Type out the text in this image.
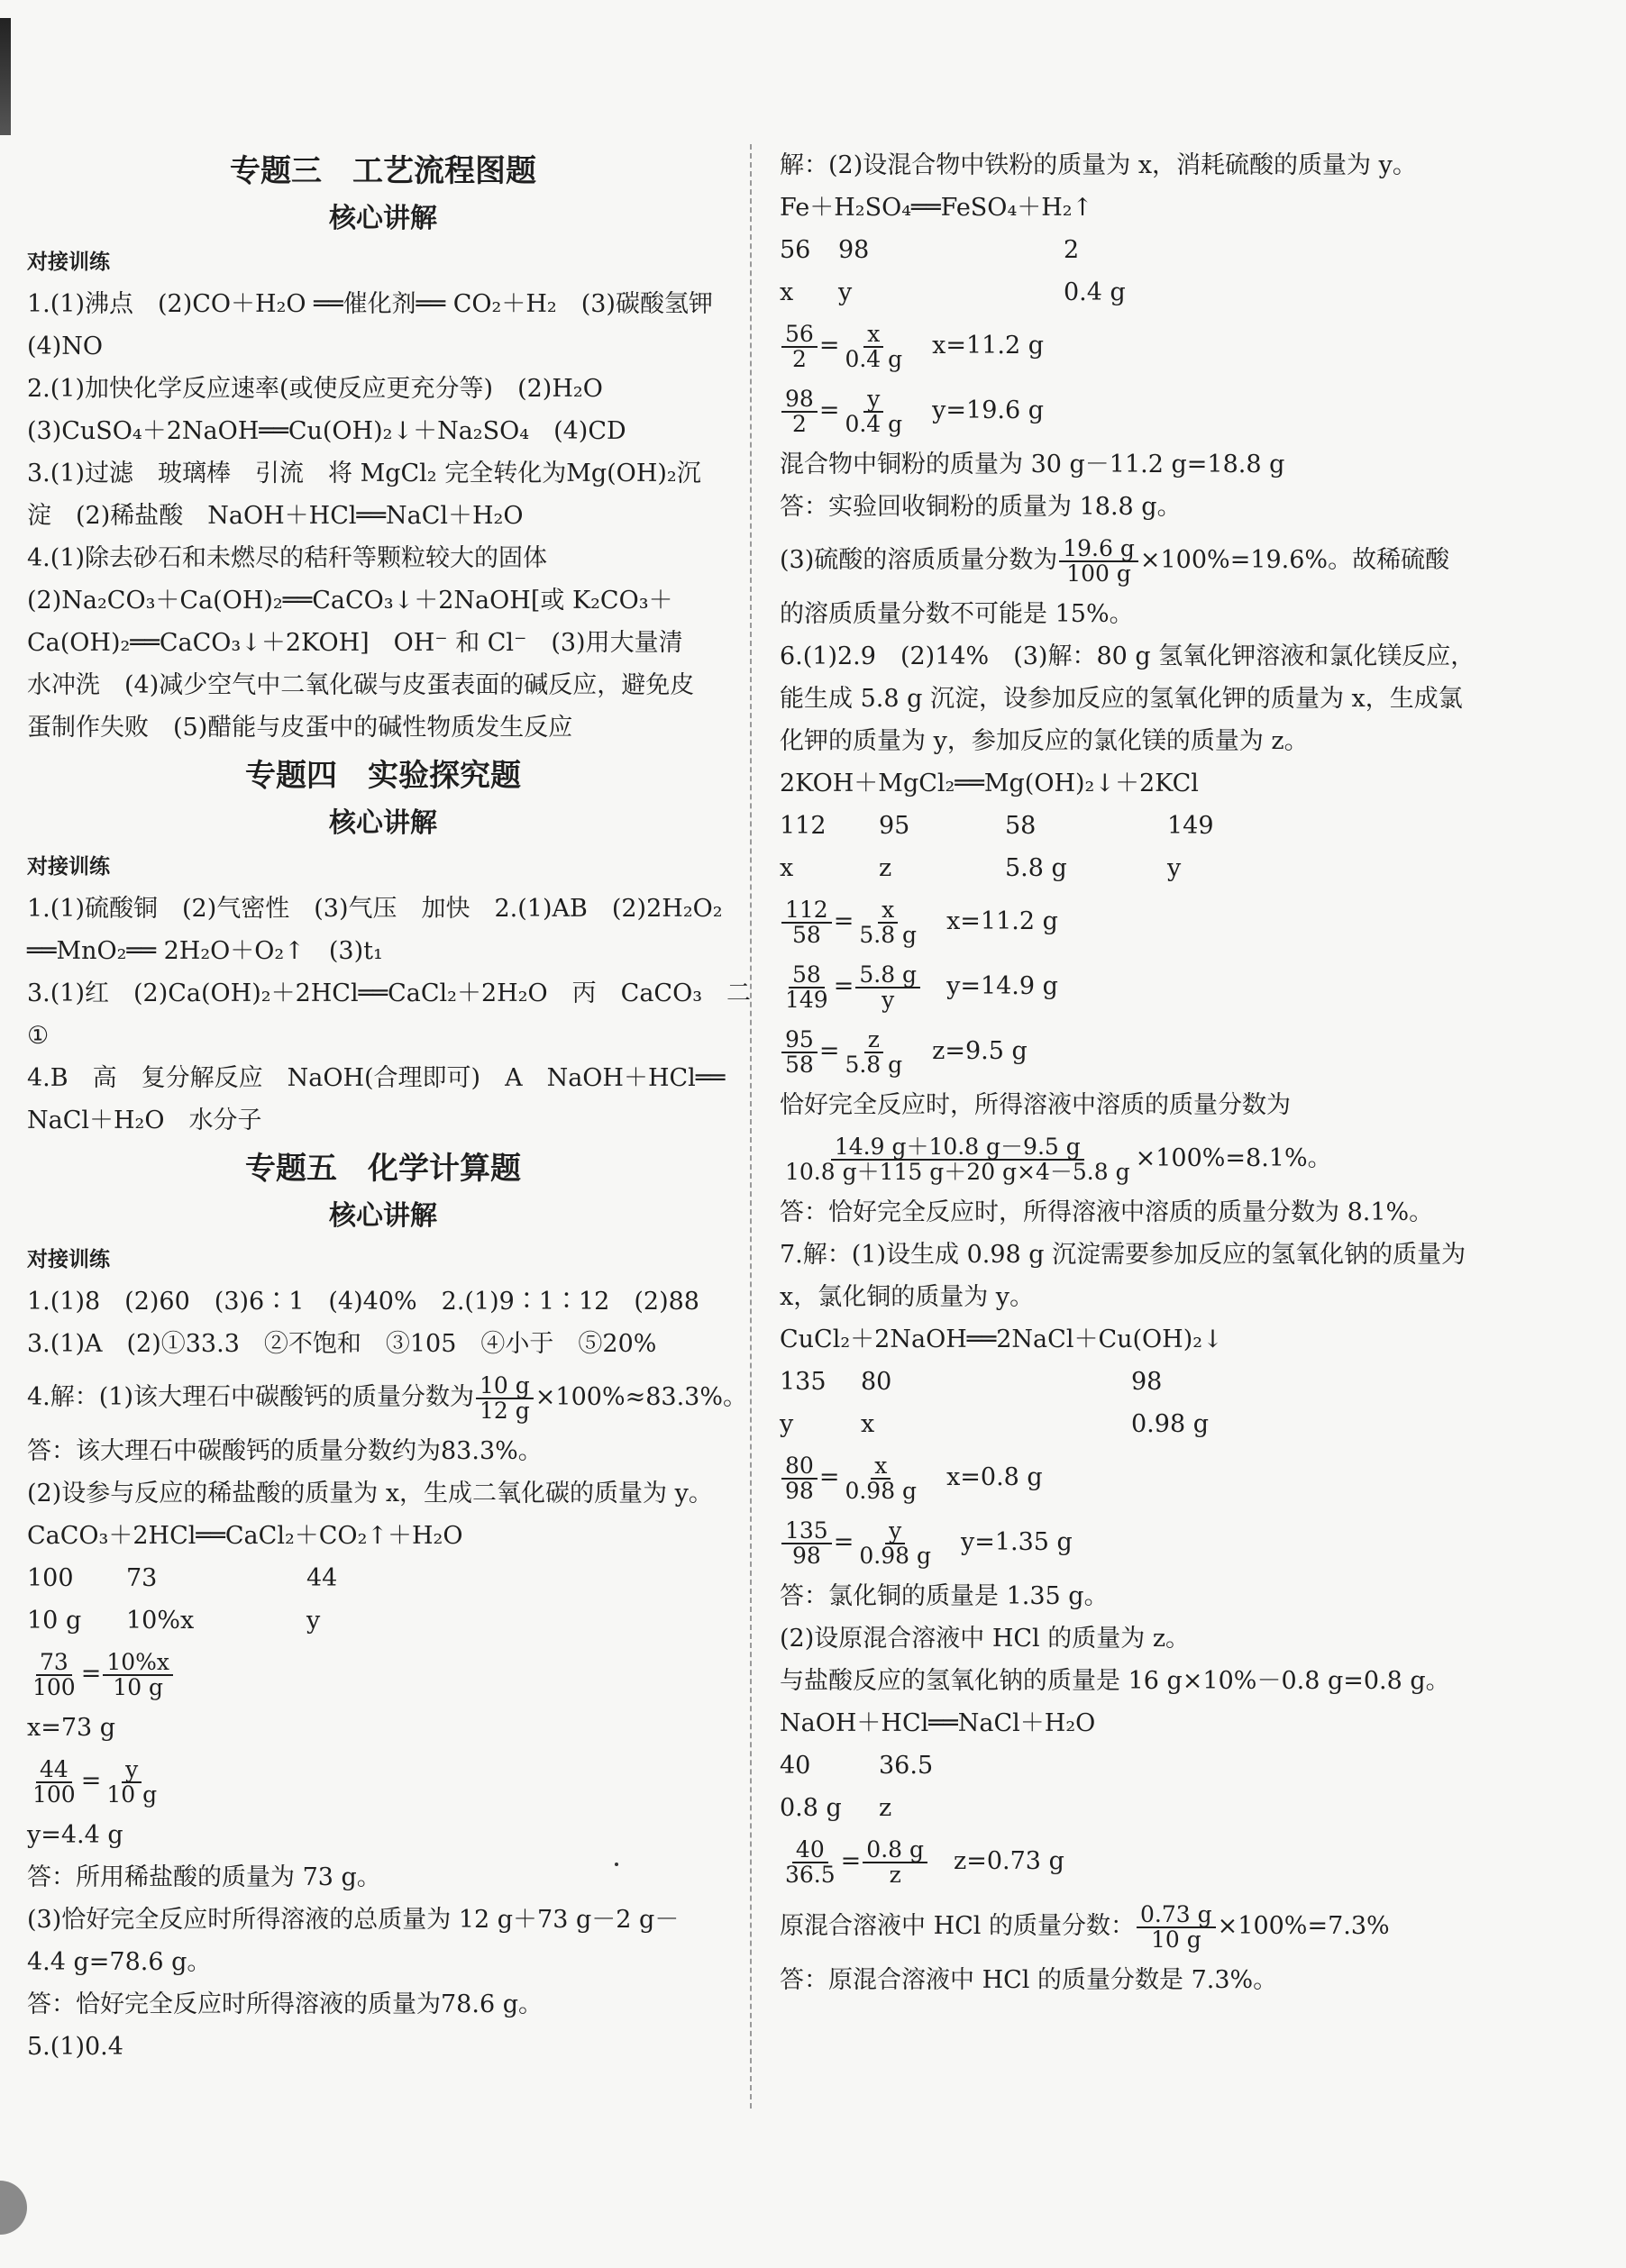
专题三　工艺流程图题
核心讲解
对接训练
1.(1)沸点　(2)CO＋H₂O ══催化剂══ CO₂＋H₂　(3)碳酸氢钾
(4)NO
2.(1)加快化学反应速率(或使反应更充分等)　(2)H₂O
(3)CuSO₄＋2NaOH══Cu(OH)₂↓＋Na₂SO₄　(4)CD
3.(1)过滤　玻璃棒　引流　将 MgCl₂ 完全转化为Mg(OH)₂沉
淀　(2)稀盐酸　NaOH＋HCl══NaCl＋H₂O
4.(1)除去砂石和未燃尽的秸秆等颗粒较大的固体
(2)Na₂CO₃＋Ca(OH)₂══CaCO₃↓＋2NaOH[或 K₂CO₃＋
Ca(OH)₂══CaCO₃↓＋2KOH]　OH⁻ 和 Cl⁻　(3)用大量清
水冲洗　(4)减少空气中二氧化碳与皮蛋表面的碱反应，避免皮
蛋制作失败　(5)醋能与皮蛋中的碱性物质发生反应
专题四　实验探究题
核心讲解
对接训练
1.(1)硫酸铜　(2)气密性　(3)气压　加快　2.(1)AB　(2)2H₂O₂
══MnO₂══ 2H₂O＋O₂↑　(3)t₁
3.(1)红　(2)Ca(OH)₂＋2HCl══CaCl₂＋2H₂O　丙　CaCO₃　二
①
4.B　高　复分解反应　NaOH(合理即可)　A　NaOH＋HCl══
NaCl＋H₂O　水分子
专题五　化学计算题
核心讲解
对接训练
1.(1)8　(2)60　(3)6∶1　(4)40%　2.(1)9∶1∶12　(2)88
3.(1)A　(2)①33.3　②不饱和　③105　④小于　⑤20%
4.解：(1)该大理石中碳酸钙的质量分数为 $\frac{10 g}{12 g} \times 100\%\approx 83.3\%$。
答：该大理石中碳酸钙的质量分数约为83.3%。
(2)设参与反应的稀盐酸的质量为 x，生成二氧化碳的质量为 y。
CaCO₃＋2HCl══CaCl₂＋CO₂↑＋H₂O
100	73	44
10 g	10%x	y
$\frac{73}{100} = \frac{10\%x}{10 g}$
x=73 g
$\frac{44}{100} = \frac{y}{10 g}$
y=4.4 g
答：所用稀盐酸的质量为 73 g。
(3)恰好完全反应时所得溶液的总质量为 12 g＋73 g－2 g－
4.4 g=78.6 g。
答：恰好完全反应时所得溶液的质量为78.6 g。
5.(1)0.4
解：(2)设混合物中铁粉的质量为 x，消耗硫酸的质量为 y。
Fe＋H₂SO₄══FeSO₄＋H₂↑
56	98	2
x	y	0.4 g
$\frac{56}{2} = \frac{x}{0.4 g}$
　 x=11.2 g
$\frac{98}{2} = \frac{y}{0.4 g}$
　 y=19.6 g
混合物中铜粉的质量为 30 g－11.2 g=18.8 g
答：实验回收铜粉的质量为 18.8 g。
(3)硫酸的溶质质量分数为 $\frac{19.6 g}{100 g} \times 100\%=19.6\%$。故稀硫酸
的溶质质量分数不可能是 15%。
6.(1)2.9　(2)14%　(3)解：80 g 氢氧化钾溶液和氯化镁反应，
能生成 5.8 g 沉淀，设参加反应的氢氧化钾的质量为 x，生成氯
化钾的质量为 y，参加反应的氯化镁的质量为 z。
2KOH＋MgCl₂══Mg(OH)₂↓＋2KCl
112	95	58	149
x	z	5.8 g	y
$\frac{112}{58} = \frac{x}{5.8 g}$
　 x=11.2 g
$\frac{58}{149} = \frac{5.8 g}{y}$
　 y=14.9 g
$\frac{95}{58} = \frac{z}{5.8 g}$
　 z=9.5 g
恰好完全反应时，所得溶液中溶质的质量分数为
$\frac{14.9 g+10.8 g-9.5 g}{10.8 g+115 g+20 g\times 4-5.8 g} \times 100\%=8.1\%$。
答：恰好完全反应时，所得溶液中溶质的质量分数为 8.1%。
7.解：(1)设生成 0.98 g 沉淀需要参加反应的氢氧化钠的质量为
x，氯化铜的质量为 y。
CuCl₂＋2NaOH══2NaCl＋Cu(OH)₂↓
135	80	98
y	x	0.98 g
$\frac{80}{98} = \frac{x}{0.98 g}$
　 x=0.8 g
$\frac{135}{98} = \frac{y}{0.98 g}$
　 y=1.35 g
答：氯化铜的质量是 1.35 g。
(2)设原混合溶液中 HCl 的质量为 z。
与盐酸反应的氢氧化钠的质量是 16 g×10%－0.8 g=0.8 g。
NaOH＋HCl══NaCl＋H₂O
40	36.5
0.8 g	z
$\frac{40}{36.5} = \frac{0.8 g}{z}$
　 z=0.73 g
原混合溶液中 HCl 的质量分数： $\frac{0.73 g}{10 g} \times 100\%=7.3\%$
答：原混合溶液中 HCl 的质量分数是 7.3%。
